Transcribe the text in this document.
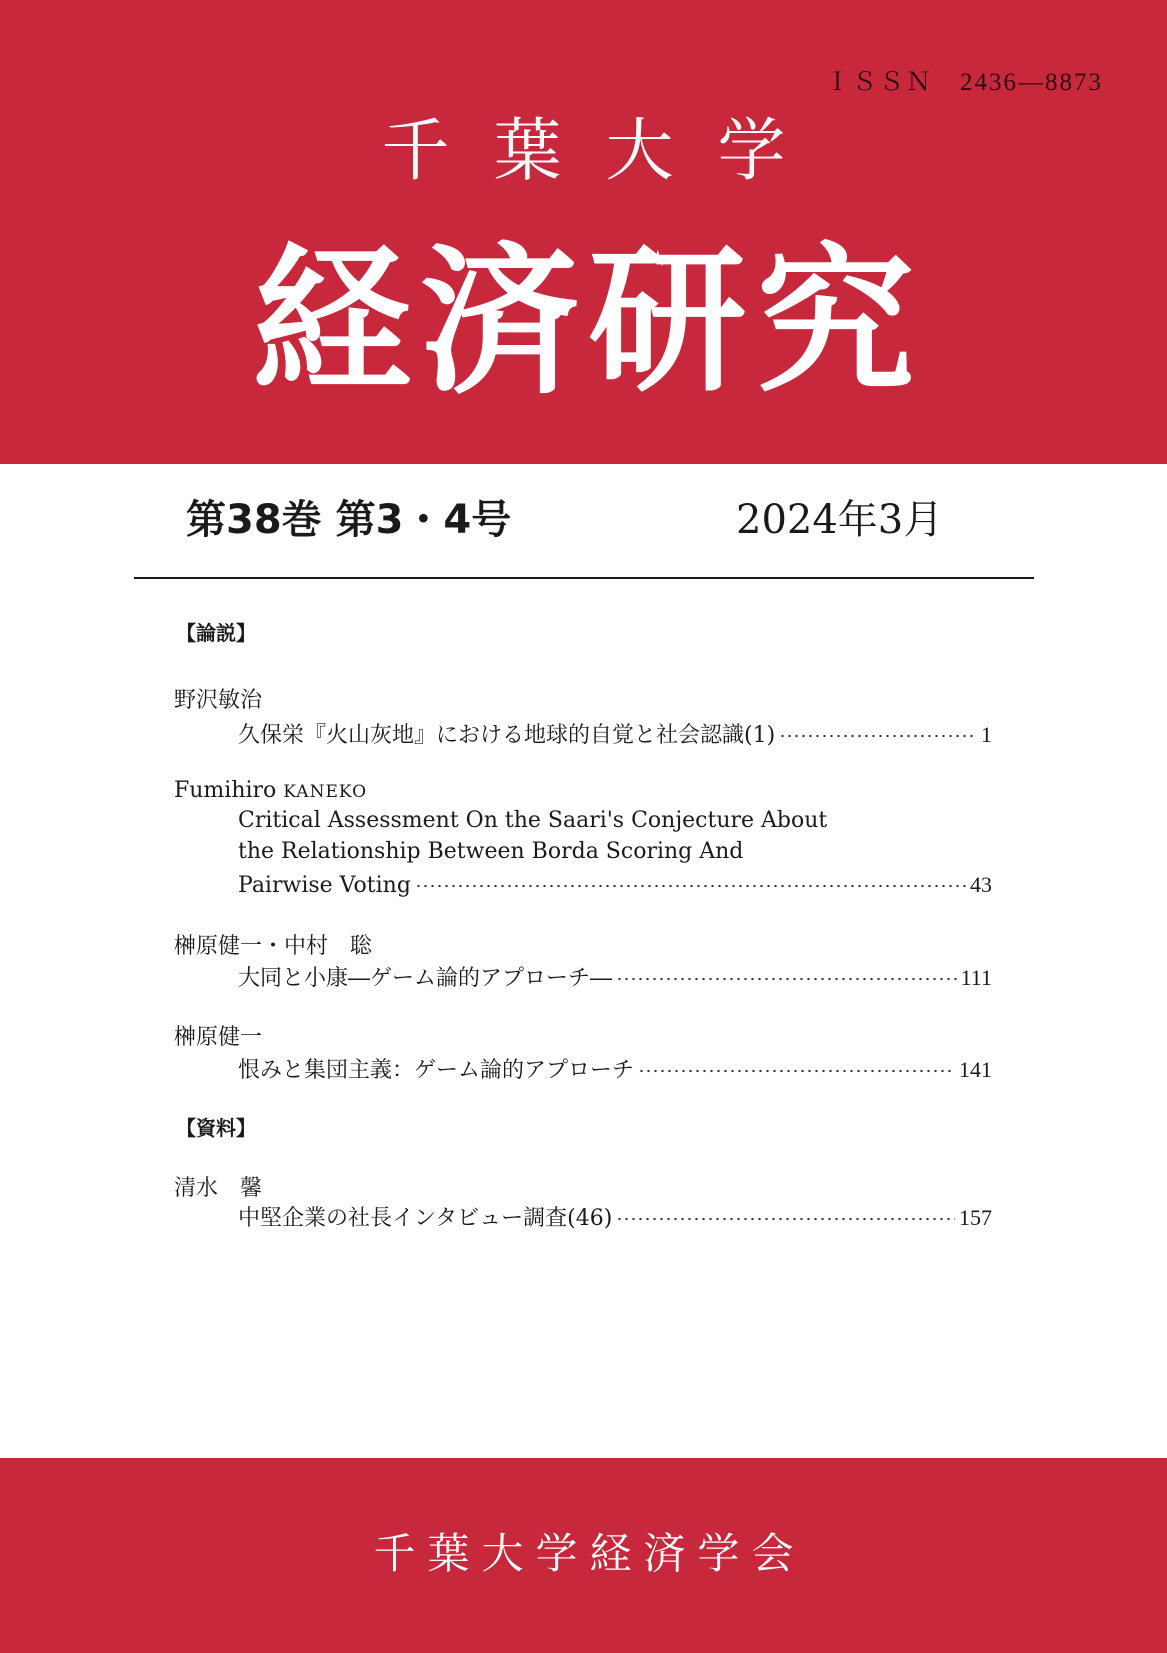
ＩＳＳＮ　2436―8873
千葉大学
経済研究
第38巻 第3・4号	2024年3月
【論説】
野沢敏治
久保栄『火山灰地』における地球的自覚と社会認識(1)	1
Fumihiro KANEKO
Critical Assessment On the Saari's Conjecture About
the Relationship Between Borda Scoring And
Pairwise Voting	43
榊原健一・中村　聡
大同と小康―ゲーム論的アプローチ―	111
榊原健一
恨みと集団主義：ゲーム論的アプローチ	141
【資料】
清水　馨
中堅企業の社長インタビュー調査(46)	157
千葉大学経済学会
